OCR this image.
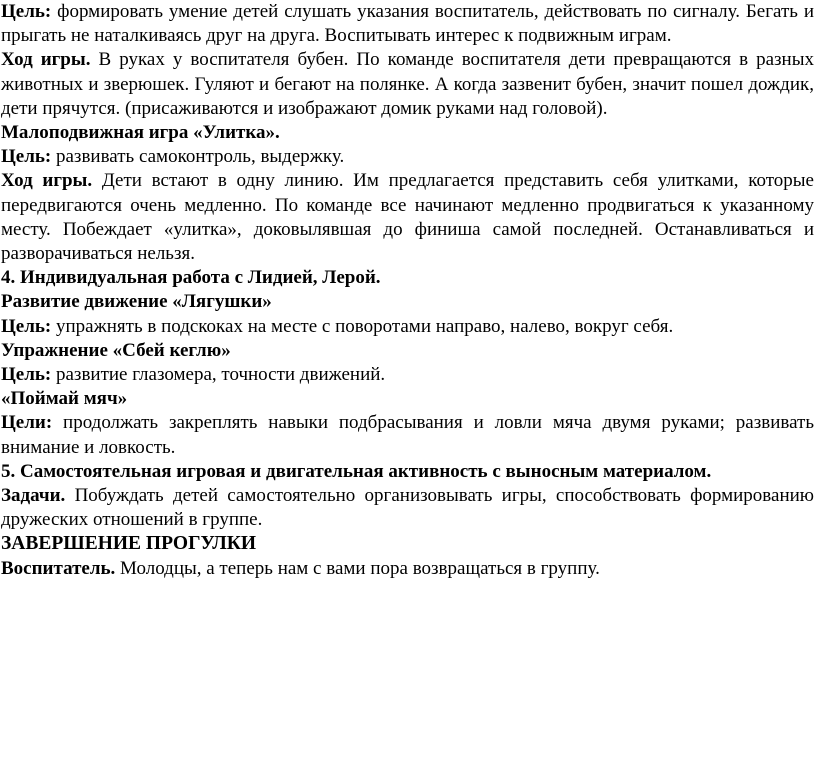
Цель: формировать умение детей слушать указания воспитатель, действовать по сигналу. Бегать и прыгать не наталкиваясь друг на друга. Воспитывать интерес к подвижным играм.

Ход игры. В руках у воспитателя бубен. По команде воспитателя дети превращаются в разных животных и зверюшек. Гуляют и бегают на полянке. А когда зазвенит бубен, значит пошел дождик, дети прячутся. (присаживаются и изображают домик руками над головой).

Малоподвижная игра «Улитка».

Цель: развивать самоконтроль, выдержку.

Ход игры. Дети встают в одну линию. Им предлагается представить себя улитками, которые передвигаются очень медленно. По команде все начинают медленно продвигаться к указанному месту. Побеждает «улитка», доковылявшая до финиша самой последней. Останавливаться и разворачиваться нельзя.

4. Индивидуальная работа с Лидией, Лерой.

Развитие движение «Лягушки»

Цель: упражнять в подскоках на месте с поворотами направо, налево, вокруг себя.

Упражнение «Сбей кеглю»

Цель: развитие глазомера, точности движений.

«Поймай мяч»

Цели: продолжать закреплять навыки подбрасывания и ловли мяча двумя руками; развивать внимание и ловкость.

5. Самостоятельная игровая и двигательная активность с выносным материалом.

Задачи. Побуждать детей самостоятельно организовывать игры, способствовать формированию дружеских отношений в группе.

ЗАВЕРШЕНИЕ ПРОГУЛКИ

Воспитатель. Молодцы, а теперь нам с вами пора возвращаться в группу.
